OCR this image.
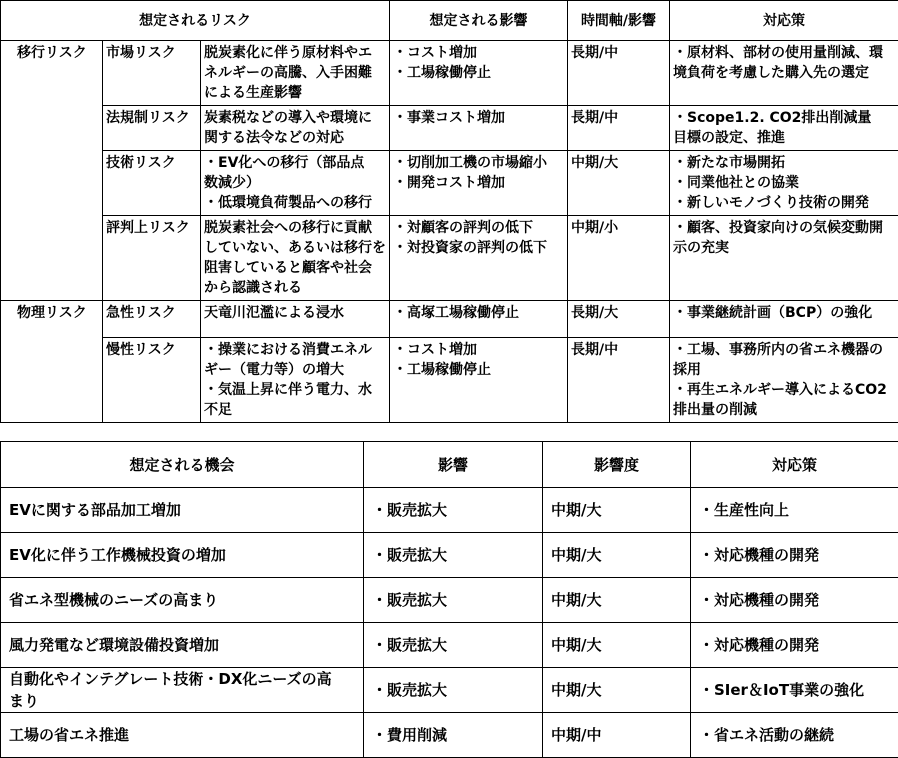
想定されるリスク			想定される影響	時間軸/影響	対応策
移行リスク	市場リスク	脱炭素化に伴う原材料やエ
ネルギーの高騰、入手困難
による生産影響	・コスト増加
・工場稼働停止	長期/中	・原材料、部材の使用量削減、環
境負荷を考慮した購入先の選定

	法規制リスク	炭素税などの導入や環境に
関する法令などの対応	・事業コスト増加	長期/中	・Scope1.2. CO2排出削減量
目標の設定、推進

	技術リスク	・EV化への移行（部品点
数減少）
・低環境負荷製品への移行	・切削加工機の市場縮小
・開発コスト増加	中期/大	・新たな市場開拓
・同業他社との協業
・新しいモノづくり技術の開発

	評判上リスク	脱炭素社会への移行に貢献
していない、あるいは移行を
阻害していると顧客や社会
から認識される	・対顧客の評判の低下
・対投資家の評判の低下	中期/小	・顧客、投資家向けの気候変動開
示の充実

物理リスク	急性リスク	天竜川氾濫による浸水	・高塚工場稼働停止	長期/大	・事業継続計画（BCP）の強化

	慢性リスク	・操業における消費エネル
ギー（電力等）の増大
・気温上昇に伴う電力、水
不足	・コスト増加
・工場稼働停止	長期/中	・工場、事務所内の省エネ機器の
採用
・再生エネルギー導入によるCO2
排出量の削減
想定される機会	影響	影響度	対応策
EVに関する部品加工増加	・販売拡大	中期/大	・生産性向上
EV化に伴う工作機械投資の増加	・販売拡大	中期/大	・対応機種の開発
省エネ型機械のニーズの高まり	・販売拡大	中期/大	・対応機種の開発
風力発電など環境設備投資増加	・販売拡大	中期/大	・対応機種の開発

自動化やインテグレート技術・DX化ニーズの高
まり	・販売拡大	中期/大	・SIer＆IoT事業の強化
工場の省エネ推進	・費用削減	中期/中	・省エネ活動の継続
